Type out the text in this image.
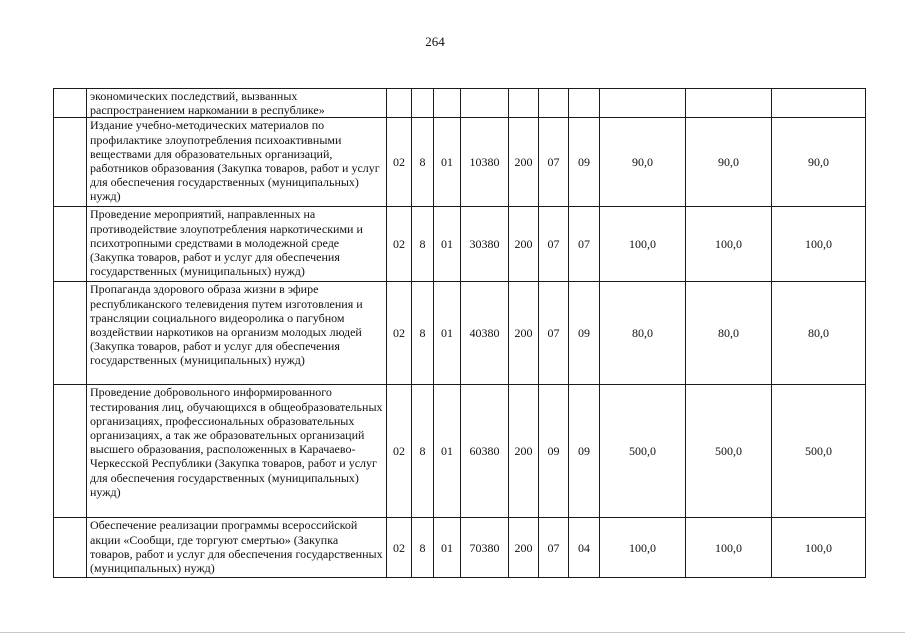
264
	экономических последствий, вызванных распространением наркомании в республике»										
	Издание учебно-методических материалов по профилактике злоупотребления психоактивными веществами для образовательных организаций, работников образования (Закупка товаров, работ и услуг для обеспечения государственных (муниципальных) нужд)	02	8	01	10380	200	07	09	90,0	90,0	90,0
	Проведение мероприятий, направленных на противодействие злоупотребления наркотическими и психотропными средствами в молодежной среде (Закупка товаров, работ и услуг для обеспечения государственных (муниципальных) нужд)	02	8	01	30380	200	07	07	100,0	100,0	100,0
	Пропаганда здорового образа жизни в эфире республиканского телевидения путем изготовления и трансляции социального видеоролика о пагубном воздействии наркотиков на организм молодых людей (Закупка товаров, работ и услуг для обеспечения государственных (муниципальных) нужд)	02	8	01	40380	200	07	09	80,0	80,0	80,0
	Проведение добровольного информированного тестирования лиц, обучающихся в общеобразовательных организациях, профессиональных образовательных организациях, а так же образовательных организаций высшего образования, расположенных в Карачаево-Черкесской Республики (Закупка товаров, работ и услуг для обеспечения государственных (муниципальных) нужд)	02	8	01	60380	200	09	09	500,0	500,0	500,0
	Обеспечение реализации программы всероссийской акции «Сообщи, где торгуют смертью» (Закупка товаров, работ и услуг для обеспечения государственных (муниципальных) нужд)	02	8	01	70380	200	07	04	100,0	100,0	100,0
